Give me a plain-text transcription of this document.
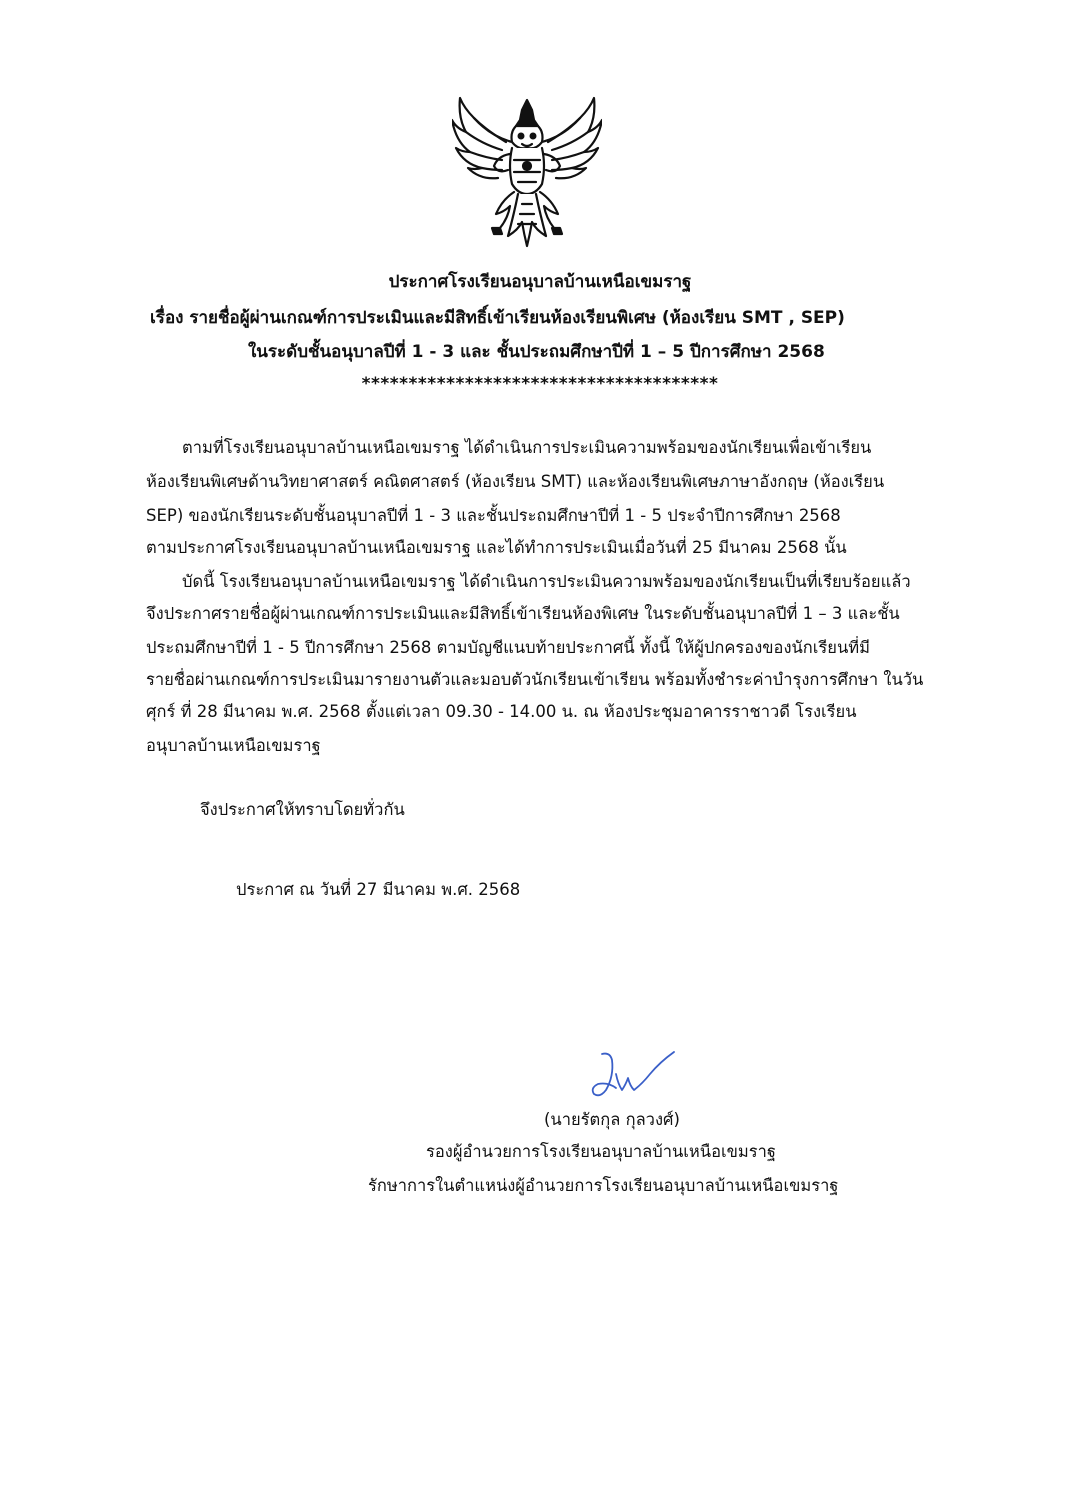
ประกาศโรงเรียนอนุบาลบ้านเหนือเขมราฐ
เรื่อง รายชื่อผู้ผ่านเกณฑ์การประเมินและมีสิทธิ์เข้าเรียนห้องเรียนพิเศษ (ห้องเรียน SMT , SEP)
ในระดับชั้นอนุบาลปีที่ 1 - 3 และ ชั้นประถมศึกษาปีที่ 1 – 5 ปีการศึกษา 2568
**************************************
ตามที่โรงเรียนอนุบาลบ้านเหนือเขมราฐ ได้ดำเนินการประเมินความพร้อมของนักเรียนเพื่อเข้าเรียน
ห้องเรียนพิเศษด้านวิทยาศาสตร์ คณิตศาสตร์ (ห้องเรียน SMT) และห้องเรียนพิเศษภาษาอังกฤษ (ห้องเรียน
SEP) ของนักเรียนระดับชั้นอนุบาลปีที่ 1 - 3 และชั้นประถมศึกษาปีที่ 1 - 5 ประจำปีการศึกษา 2568
ตามประกาศโรงเรียนอนุบาลบ้านเหนือเขมราฐ และได้ทำการประเมินเมื่อวันที่ 25 มีนาคม 2568 นั้น
บัดนี้ โรงเรียนอนุบาลบ้านเหนือเขมราฐ ได้ดำเนินการประเมินความพร้อมของนักเรียนเป็นที่เรียบร้อยแล้ว
จึงประกาศรายชื่อผู้ผ่านเกณฑ์การประเมินและมีสิทธิ์เข้าเรียนห้องพิเศษ ในระดับชั้นอนุบาลปีที่ 1 – 3 และชั้น
ประถมศึกษาปีที่ 1 - 5 ปีการศึกษา 2568 ตามบัญชีแนบท้ายประกาศนี้ ทั้งนี้ ให้ผู้ปกครองของนักเรียนที่มี
รายชื่อผ่านเกณฑ์การประเมินมารายงานตัวและมอบตัวนักเรียนเข้าเรียน พร้อมทั้งชำระค่าบำรุงการศึกษา ในวัน
ศุกร์ ที่ 28 มีนาคม พ.ศ. 2568 ตั้งแต่เวลา 09.30 - 14.00 น. ณ ห้องประชุมอาคารราชาวดี โรงเรียน
อนุบาลบ้านเหนือเขมราฐ
จึงประกาศให้ทราบโดยทั่วกัน
ประกาศ ณ วันที่ 27 มีนาคม พ.ศ. 2568
(นายรัตกุล กุลวงศ์)
รองผู้อำนวยการโรงเรียนอนุบาลบ้านเหนือเขมราฐ
รักษาการในตำแหน่งผู้อำนวยการโรงเรียนอนุบาลบ้านเหนือเขมราฐ
